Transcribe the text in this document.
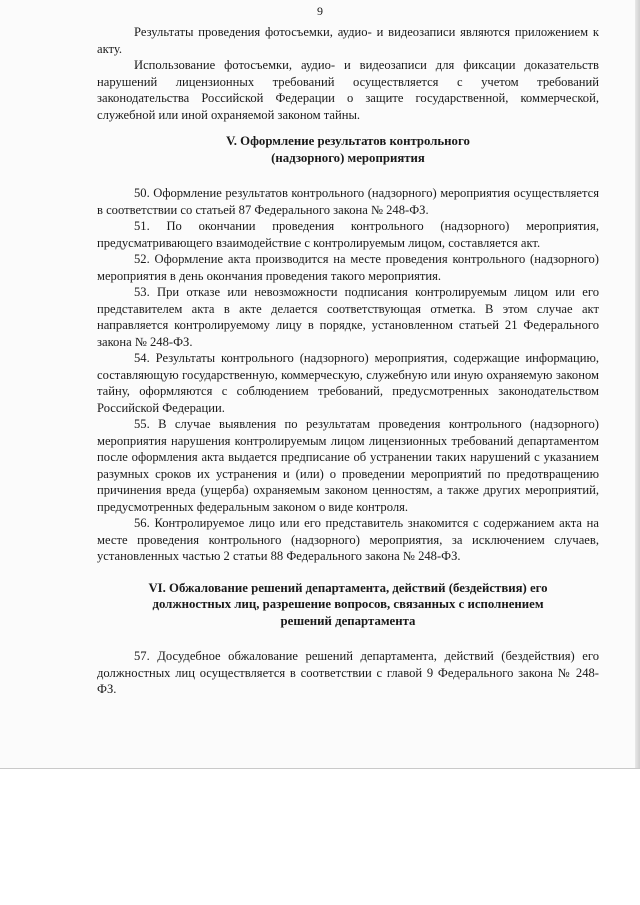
9

Результаты проведения фотосъемки, аудио- и видеозаписи являются приложением к акту.

Использование фотосъемки, аудио- и видеозаписи для фиксации доказательств нарушений лицензионных требований осуществляется с учетом требований законодательства Российской Федерации о защите государственной, коммерческой, служебной или иной охраняемой законом тайны.

V. Оформление результатов контрольного
(надзорного) мероприятия

50. Оформление результатов контрольного (надзорного) мероприятия осуществляется в соответствии со статьей 87 Федерального закона № 248-ФЗ.

51. По окончании проведения контрольного (надзорного) мероприятия, предусматривающего взаимодействие с контролируемым лицом, составляется акт.

52. Оформление акта производится на месте проведения контрольного (надзорного) мероприятия в день окончания проведения такого мероприятия.

53. При отказе или невозможности подписания контролируемым лицом или его представителем акта в акте делается соответствующая отметка. В этом случае акт направляется контролируемому лицу в порядке, установленном статьей 21 Федерального закона № 248-ФЗ.

54. Результаты контрольного (надзорного) мероприятия, содержащие информацию, составляющую государственную, коммерческую, служебную или иную охраняемую законом тайну, оформляются с соблюдением требований, предусмотренных законодательством Российской Федерации.

55. В случае выявления по результатам проведения контрольного (надзорного) мероприятия нарушения контролируемым лицом лицензионных требований департаментом после оформления акта выдается предписание об устранении таких нарушений с указанием разумных сроков их устранения и (или) о проведении мероприятий по предотвращению причинения вреда (ущерба) охраняемым законом ценностям, а также других мероприятий, предусмотренных федеральным законом о виде контроля.

56. Контролируемое лицо или его представитель знакомится с содержанием акта на месте проведения контрольного (надзорного) мероприятия, за исключением случаев, установленных частью 2 статьи 88 Федерального закона № 248-ФЗ.

VI. Обжалование решений департамента, действий (бездействия) его
должностных лиц, разрешение вопросов, связанных с исполнением
решений департамента

57. Досудебное обжалование решений департамента, действий (бездействия) его должностных лиц осуществляется в соответствии с главой 9 Федерального закона № 248-ФЗ.
